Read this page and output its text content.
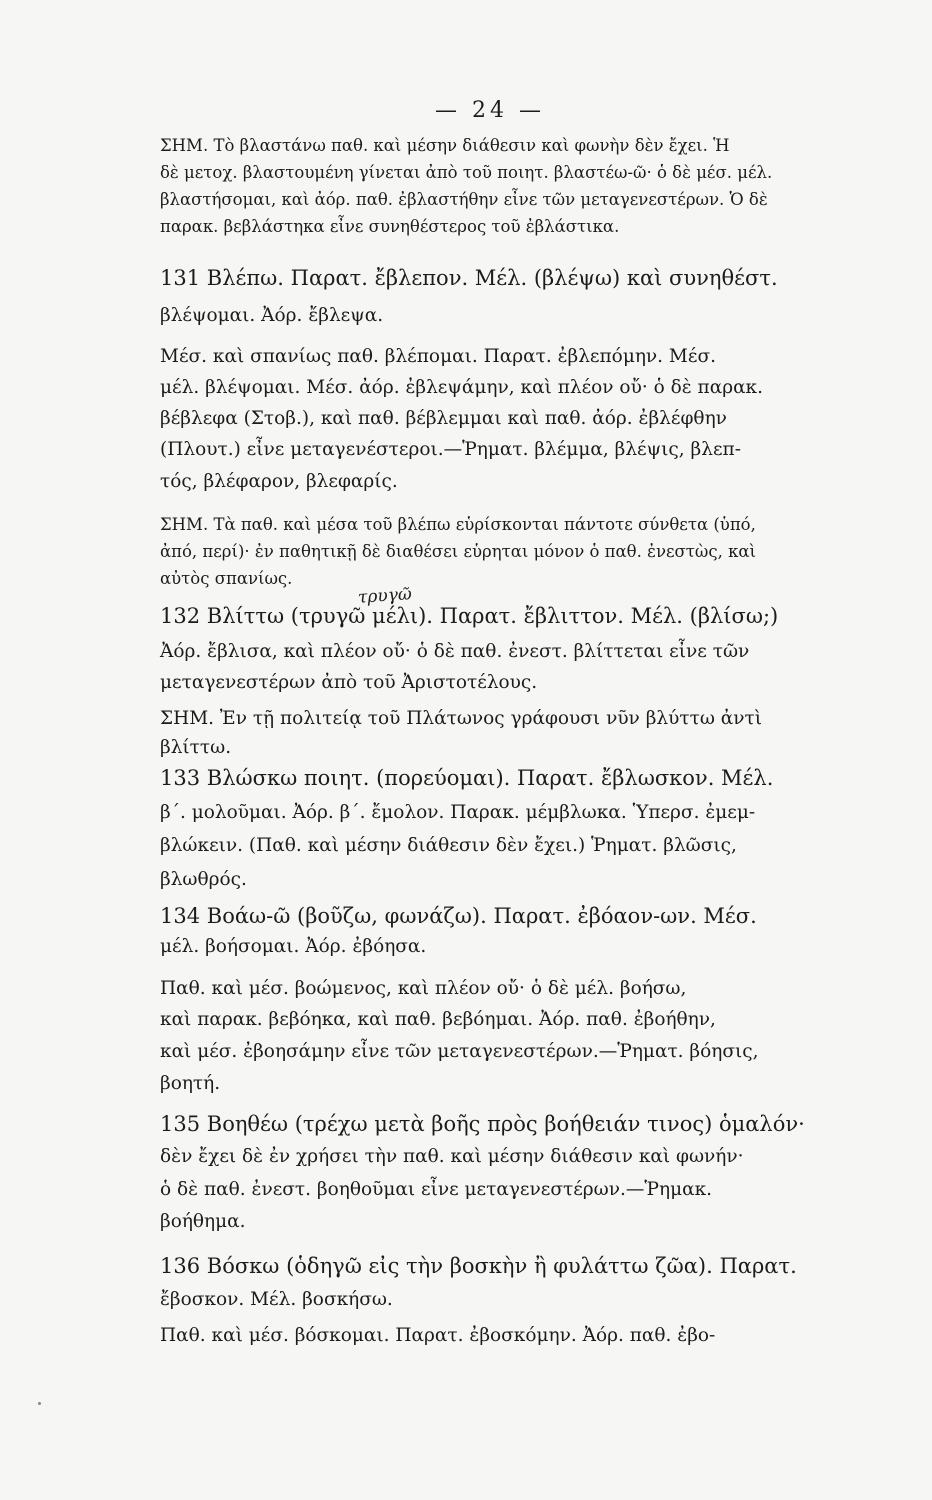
— 24 —
ΣΗΜ. Τὸ βλαστάνω παθ. καὶ μέσην διάθεσιν καὶ φωνὴν δὲν ἔχει. Ἡ
δὲ μετοχ. βλαστουμένη γίνεται ἀπὸ τοῦ ποιητ. βλαστέω-ῶ· ὁ δὲ μέσ. μέλ.
βλαστήσομαι, καὶ ἀόρ. παθ. ἐβλαστήθην εἶνε τῶν μεταγενεστέρων. Ὁ δὲ
παρακ. βεβλάστηκα εἶνε συνηθέστερος τοῦ ἐβλάστικα.
131 Βλέπω. Παρατ. ἔβλεπον. Μέλ. (βλέψω) καὶ συνηθέστ.
βλέψομαι. Ἀόρ. ἔβλεψα.
Μέσ. καὶ σπανίως παθ. βλέπομαι. Παρατ. ἐβλεπόμην. Μέσ.
μέλ. βλέψομαι. Μέσ. ἀόρ. ἐβλεψάμην, καὶ πλέον οὔ· ὁ δὲ παρακ.
βέβλεφα (Στοβ.), καὶ παθ. βέβλεμμαι καὶ παθ. ἀόρ. ἐβλέφθην
(Πλουτ.) εἶνε μεταγενέστεροι.—Ῥηματ. βλέμμα, βλέψις, βλεπ-
τός, βλέφαρον, βλεφαρίς.
ΣΗΜ. Τὰ παθ. καὶ μέσα τοῦ βλέπω εὑρίσκονται πάντοτε σύνθετα (ὑπό,
ἀπό, περί)· ἐν παθητικῇ δὲ διαθέσει εὑρηται μόνον ὁ παθ. ἐνεστὼς, καὶ
αὐτὸς σπανίως.
τρυγῶ
132 Βλίττω (τρυγῶ μέλι). Παρατ. ἔβλιττον. Μέλ. (βλίσω;)
Ἀόρ. ἔβλισα, καὶ πλέον οὔ· ὁ δὲ παθ. ἐνεστ. βλίττεται εἶνε τῶν
μεταγενεστέρων ἀπὸ τοῦ Ἀριστοτέλους.
ΣΗΜ. Ἐν τῇ πολιτείᾳ τοῦ Πλάτωνος γράφουσι νῦν βλύττω ἀντὶ
βλίττω.
133 Βλώσκω ποιητ. (πορεύομαι). Παρατ. ἔβλωσκον. Μέλ.
β΄. μολοῦμαι. Ἀόρ. β΄. ἔμολον. Παρακ. μέμβλωκα. Ὑπερσ. ἐμεμ-
βλώκειν. (Παθ. καὶ μέσην διάθεσιν δὲν ἔχει.) Ῥηματ. βλῶσις,
βλωθρός.
134 Βοάω-ῶ (βοῦζω, φωνάζω). Παρατ. ἐβόαον-ων. Μέσ.
μέλ. βοήσομαι. Ἀόρ. ἐβόησα.
Παθ. καὶ μέσ. βοώμενος, καὶ πλέον οὔ· ὁ δὲ μέλ. βοήσω,
καὶ παρακ. βεβόηκα, καὶ παθ. βεβόημαι. Ἀόρ. παθ. ἐβοήθην,
καὶ μέσ. ἐβοησάμην εἶνε τῶν μεταγενεστέρων.—Ῥηματ. βόησις,
βοητή.
135 Βοηθέω (τρέχω μετὰ βοῆς πρὸς βοήθειάν τινος) ὁμαλόν·
δὲν ἔχει δὲ ἐν χρήσει τὴν παθ. καὶ μέσην διάθεσιν καὶ φωνήν·
ὁ δὲ παθ. ἐνεστ. βοηθοῦμαι εἶνε μεταγενεστέρων.—Ῥημακ.
βοήθημα.
136 Βόσκω (ὁδηγῶ εἰς τὴν βοσκὴν ἢ φυλάττω ζῶα). Παρατ.
ἔβοσκον. Μέλ. βοσκήσω.
Παθ. καὶ μέσ. βόσκομαι. Παρατ. ἐβοσκόμην. Ἀόρ. παθ. ἐβο-
